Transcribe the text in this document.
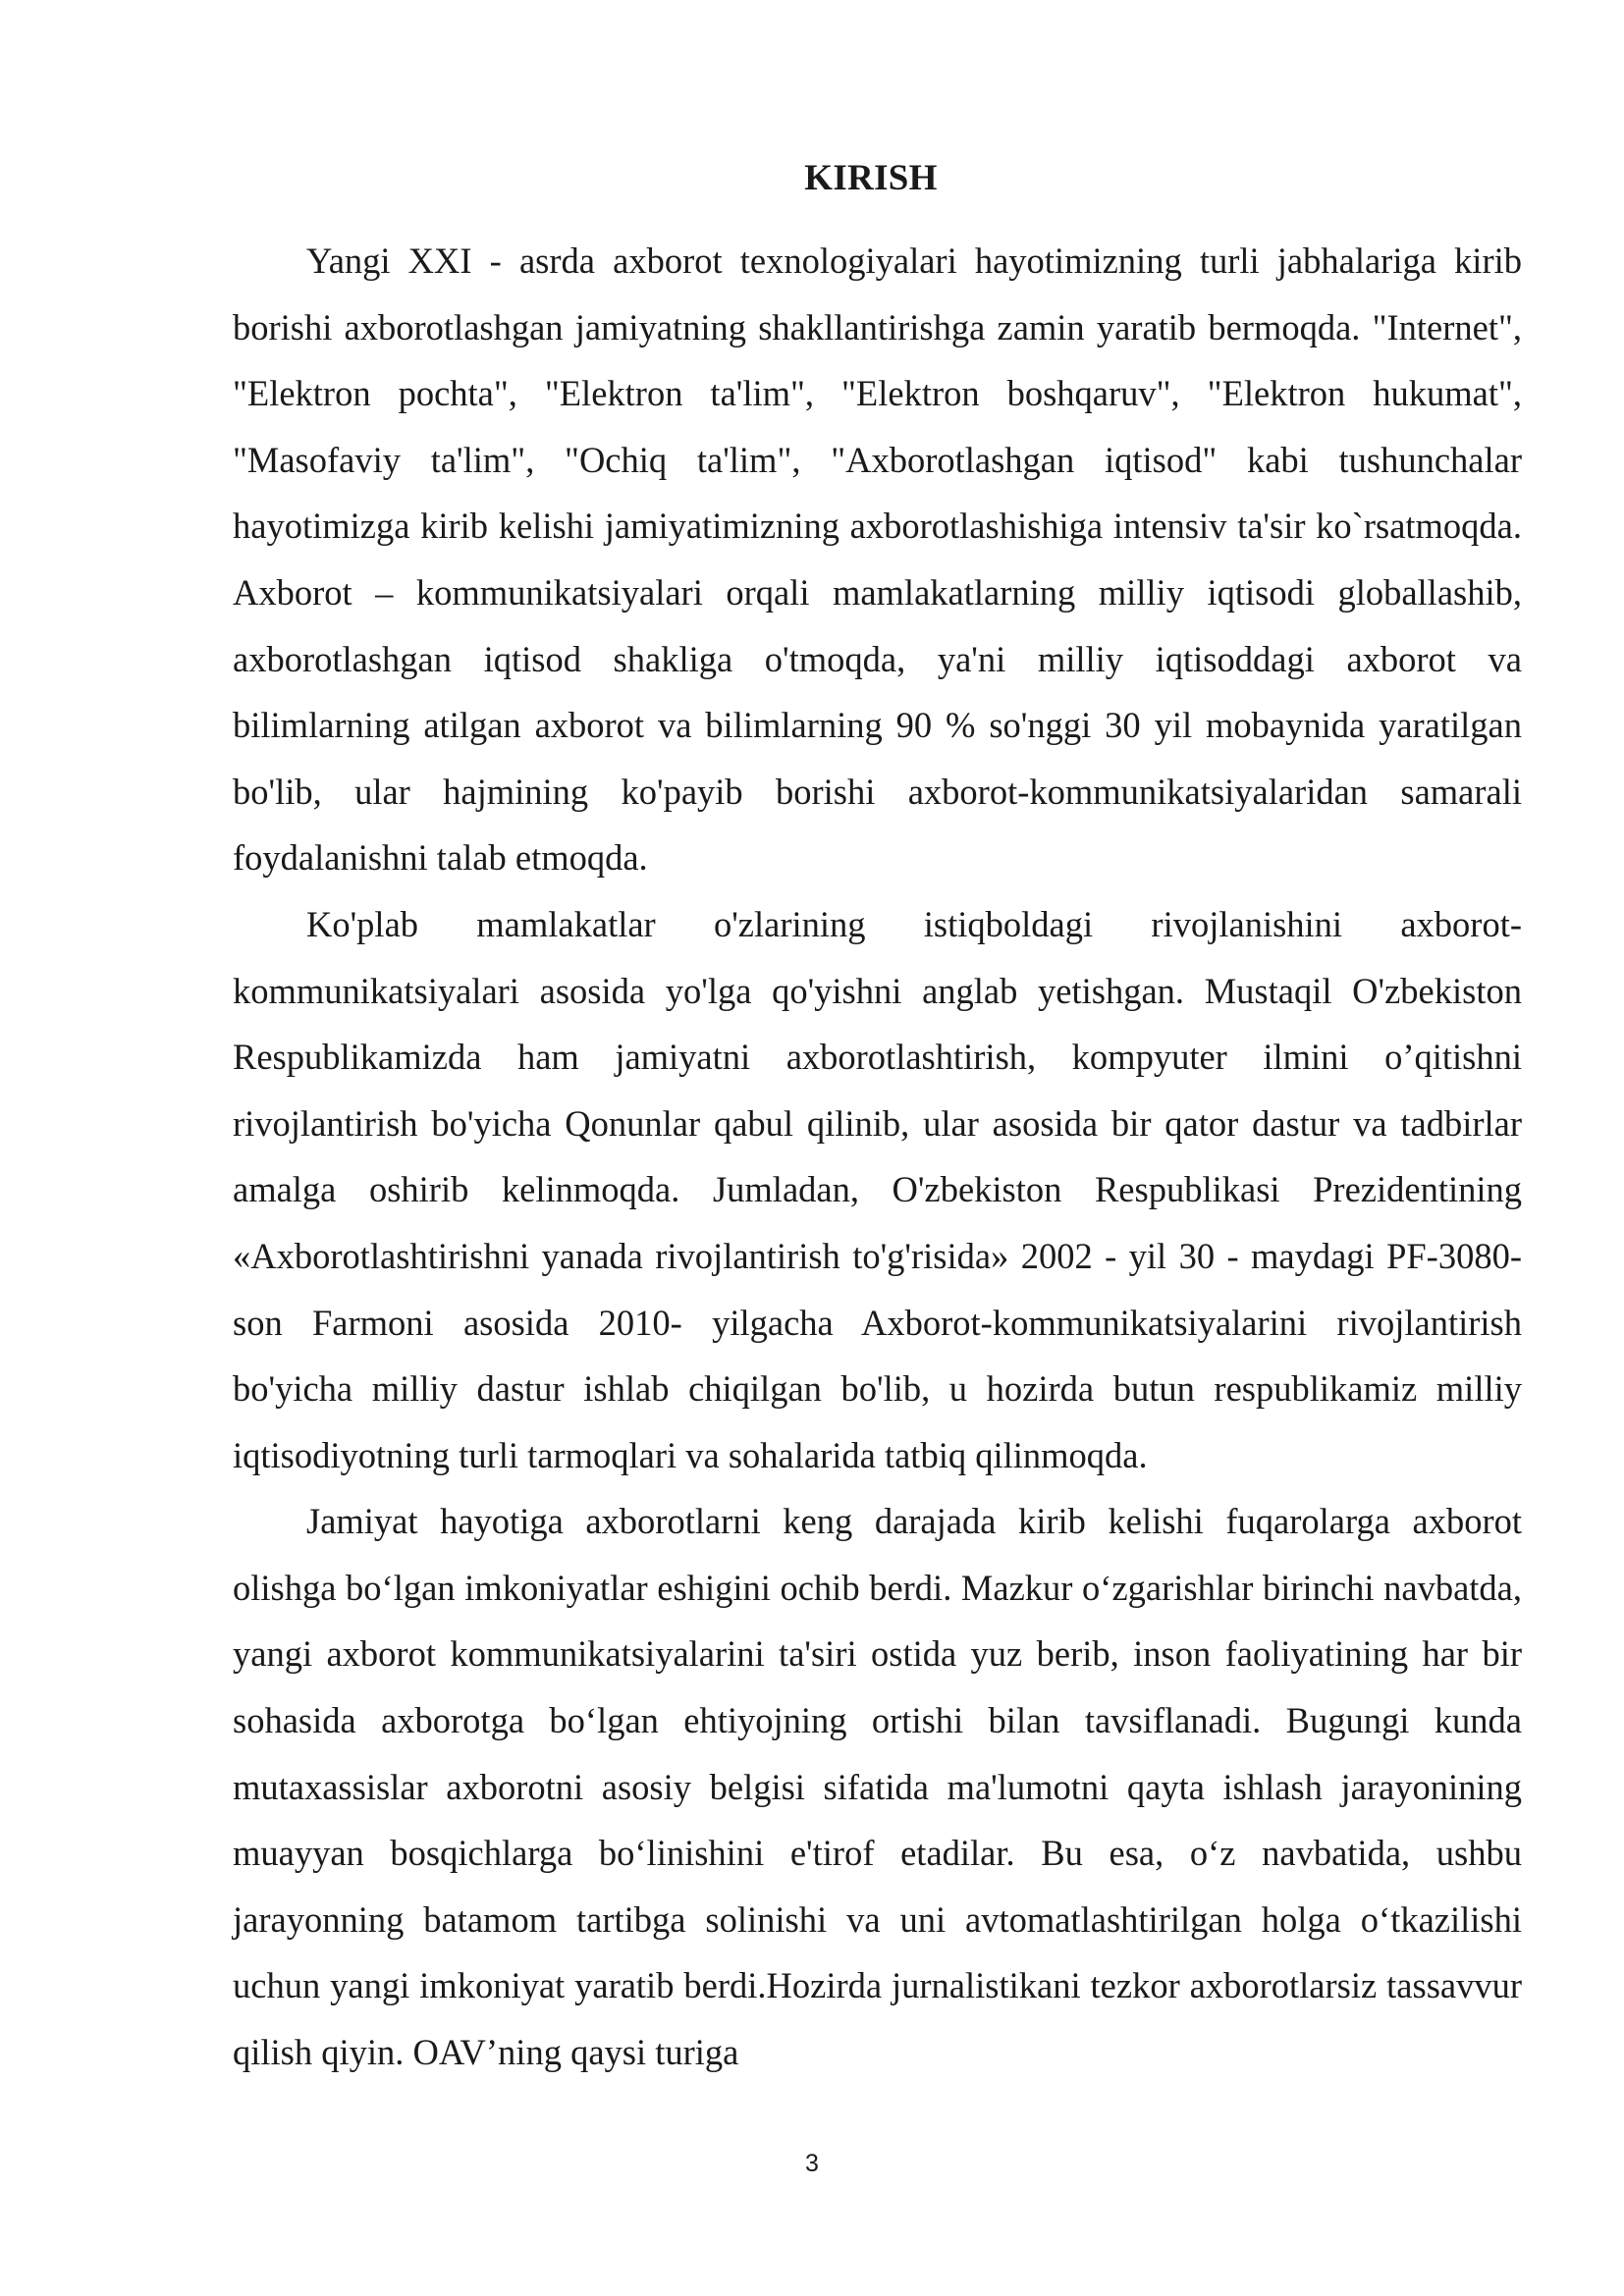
KIRISH

Yangi XXI - asrda axborot texnologiyalari hayotimizning turli jabhalariga kirib borishi axborotlashgan jamiyatning shakllantirishga zamin yaratib bermoqda. "Internet", "Elektron pochta", "Elektron ta'lim", "Elektron boshqaruv", "Elektron hukumat", "Masofaviy ta'lim", "Ochiq ta'lim", "Axborotlashgan iqtisod" kabi tushunchalar hayotimizga kirib kelishi jamiyatimizning axborotlashishiga intensiv ta'sir ko`rsatmoqda. Axborot – kommunikatsiyalari orqali mamlakatlarning milliy iqtisodi globallashib, axborotlashgan iqtisod shakliga o'tmoqda, ya'ni milliy iqtisoddagi axborot va bilimlarning atilgan axborot va bilimlarning 90 % so'nggi 30 yil mobaynida yaratilgan bo'lib, ular hajmining ko'payib borishi axborot-kommunikatsiyalaridan samarali foydalanishni talab etmoqda.

Ko'plab mamlakatlar o'zlarining istiqboldagi rivojlanishini axborot-kommunikatsiyalari asosida yo'lga qo'yishni anglab yetishgan. Mustaqil O'zbekiston Respublikamizda ham jamiyatni axborotlashtirish, kompyuter ilmini o’qitishni rivojlantirish bo'yicha Qonunlar qabul qilinib, ular asosida bir qator dastur va tadbirlar amalga oshirib kelinmoqda. Jumladan, O'zbekiston Respublikasi Prezidentining «Axborotlashtirishni yanada rivojlantirish to'g'risida» 2002 - yil 30 - maydagi PF-3080-son Farmoni asosida 2010- yilgacha Axborot-kommunikatsiyalarini rivojlantirish bo'yicha milliy dastur ishlab chiqilgan bo'lib, u hozirda butun respublikamiz milliy iqtisodiyotning turli tarmoqlari va sohalarida tatbiq qilinmoqda.

Jamiyat hayotiga axborotlarni keng darajada kirib kelishi fuqarolarga axborot olishga bo‘lgan imkoniyatlar eshigini ochib berdi. Mazkur o‘zgarishlar birinchi navbatda, yangi axborot kommunikatsiyalarini ta'siri ostida yuz berib, inson faoliyatining har bir sohasida axborotga bo‘lgan ehtiyojning ortishi bilan tavsiflanadi. Bugungi kunda mutaxassislar axborotni asosiy belgisi sifatida ma'lumotni qayta ishlash jarayonining muayyan bosqichlarga bo‘linishini e'tirof etadilar. Bu esa, o‘z navbatida, ushbu jarayonning batamom tartibga solinishi va uni avtomatlashtirilgan holga o‘tkazilishi uchun yangi imkoniyat yaratib berdi.Hozirda jurnalistikani tezkor axborotlarsiz tassavvur qilish qiyin. OAV’ning qaysi turiga

3
